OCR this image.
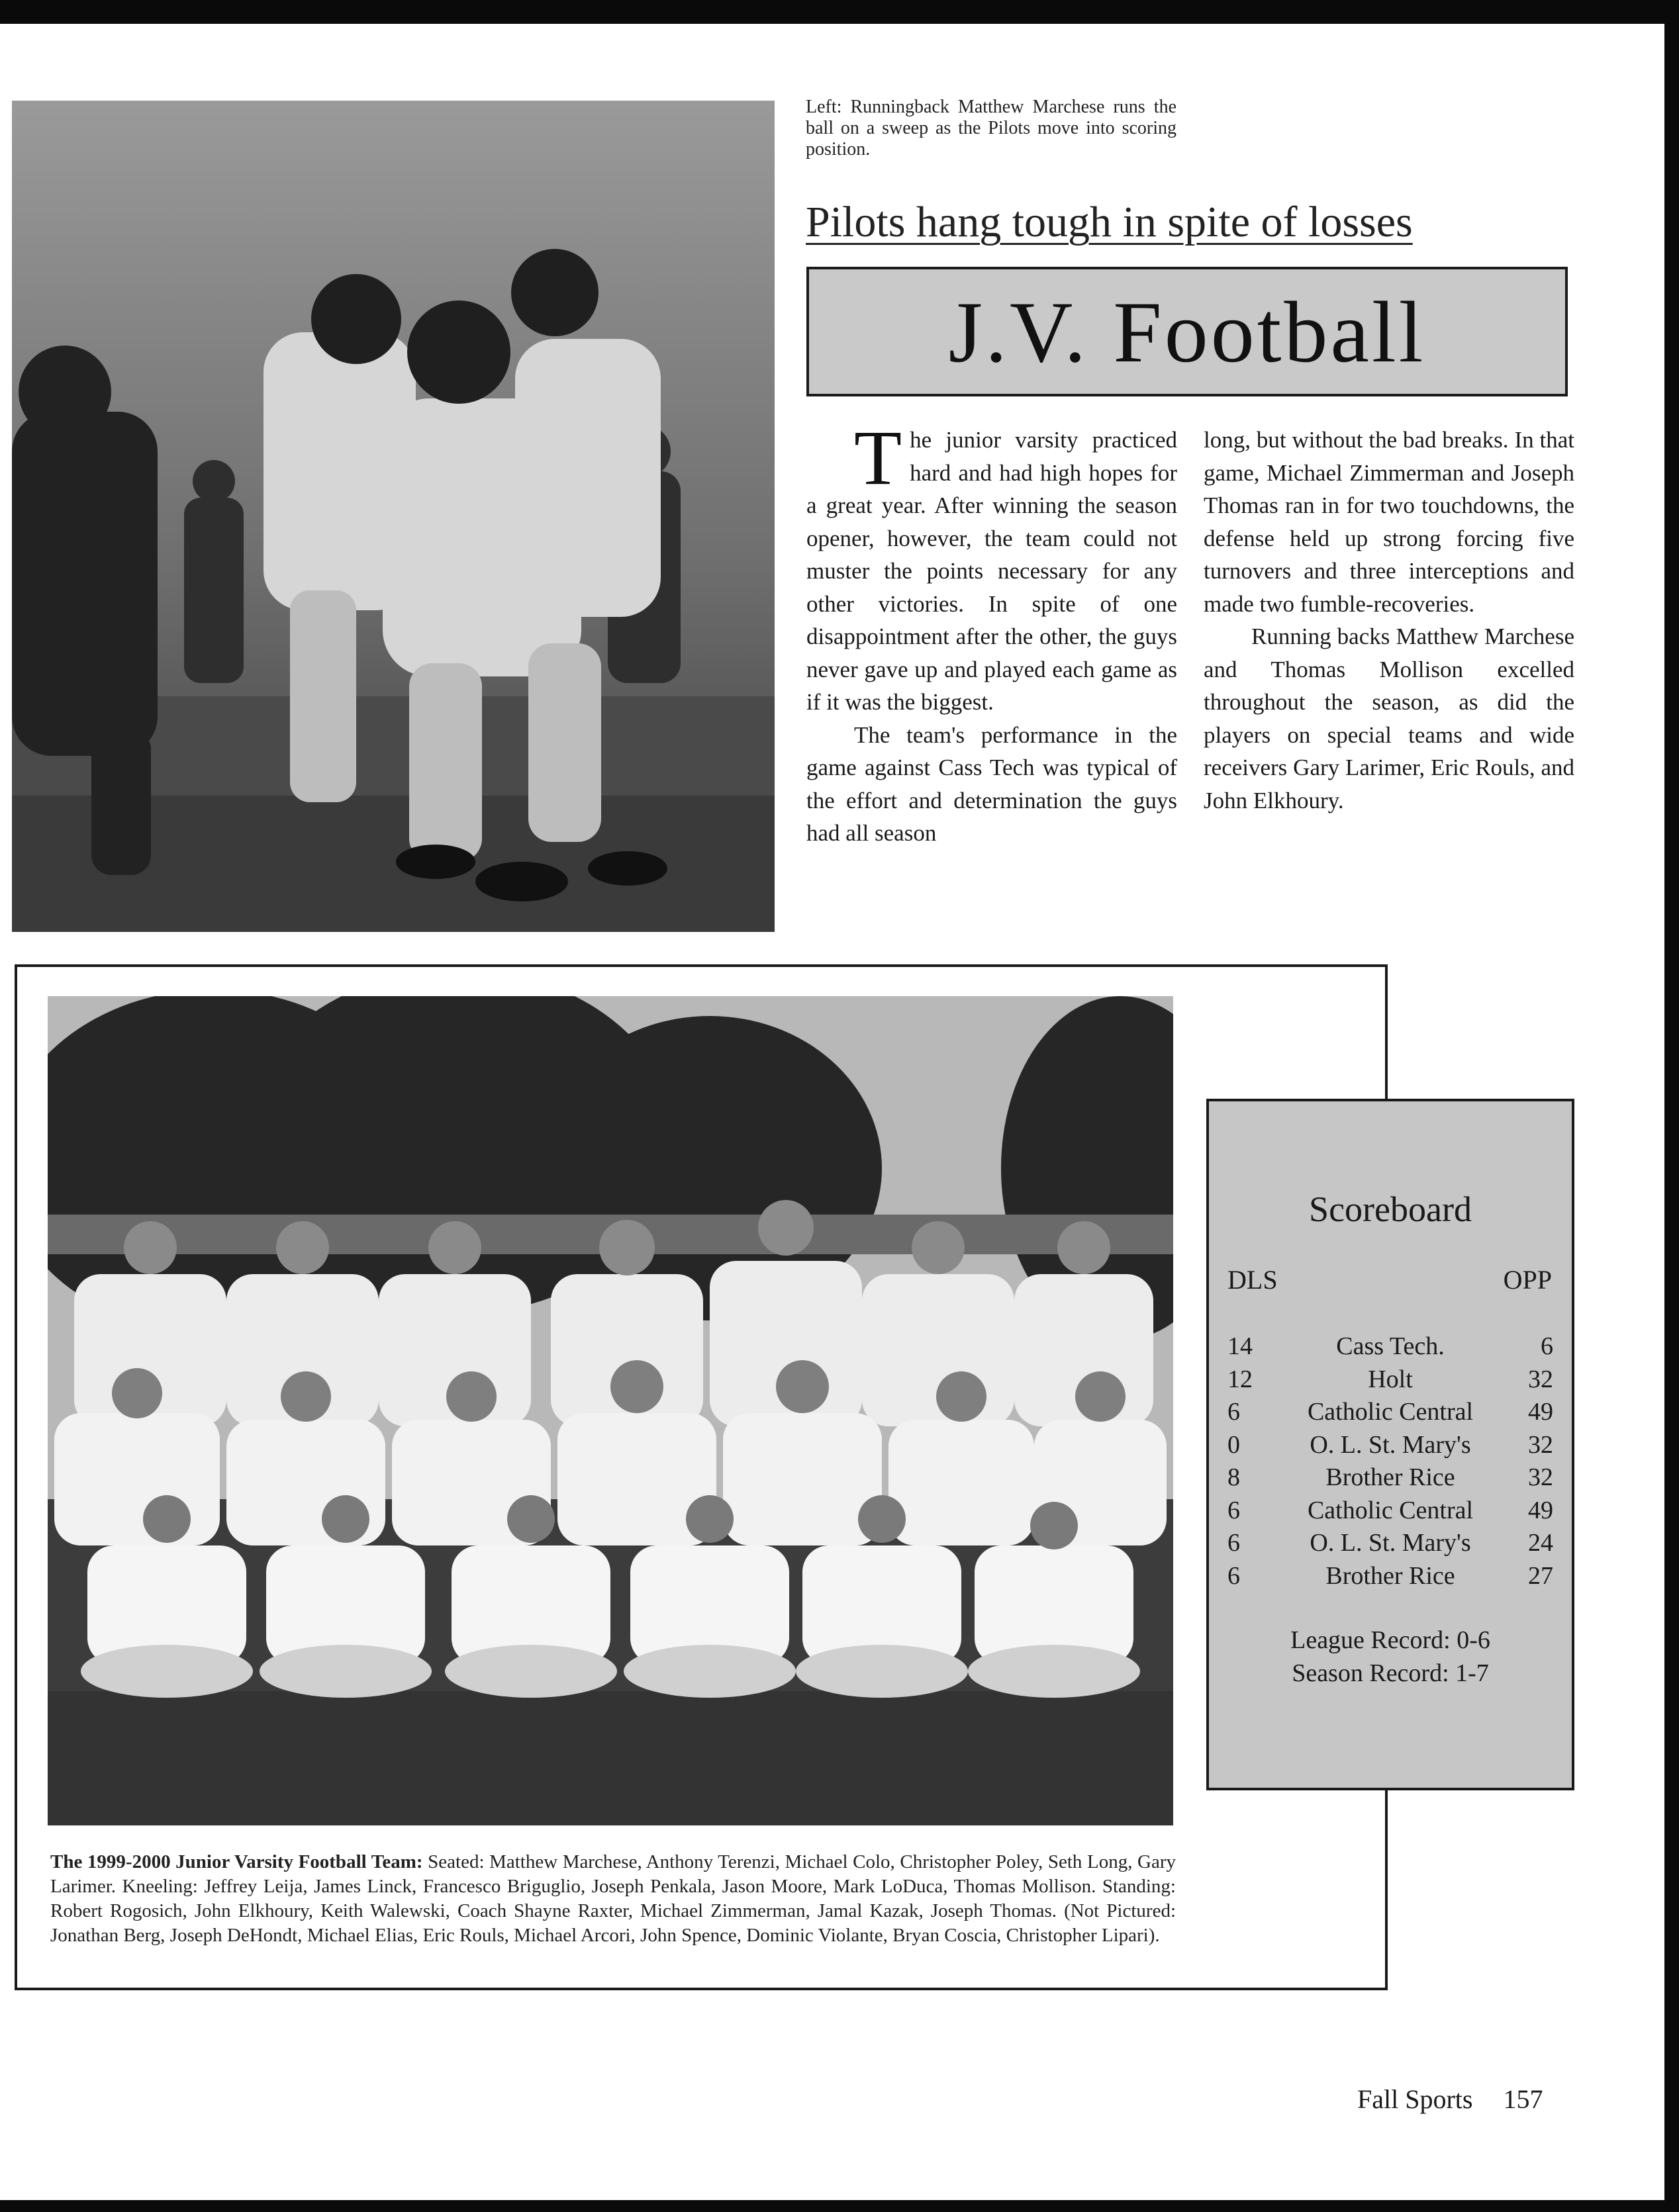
Left: Runningback Matthew Marchese runs the ball on a sweep as the Pilots move into scoring position.
Pilots hang tough in spite of losses
J.V. Football

The junior varsity practiced hard and had high hopes for a great year. After winning the season opener, however, the team could not muster the points necessary for any other victories. In spite of one disappointment after the other, the guys never gave up and played each game as if it was the biggest.

The team's performance in the game against Cass Tech was typical of the effort and determination the guys had all season

long, but without the bad breaks. In that game, Michael Zimmerman and Joseph Thomas ran in for two touchdowns, the defense held up strong forcing five turnovers and three interceptions and made two fumble-recoveries.

Running backs Matthew Marchese and Thomas Mollison excelled throughout the season, as did the players on special teams and wide receivers Gary Larimer, Eric Rouls, and John Elkhoury.

The 1999-2000 Junior Varsity Football Team: Seated: Matthew Marchese, Anthony Terenzi, Michael Colo, Christopher Poley, Seth Long, Gary Larimer. Kneeling: Jeffrey Leija, James Linck, Francesco Briguglio, Joseph Penkala, Jason Moore, Mark LoDuca, Thomas Mollison. Standing: Robert Rogosich, John Elkhoury, Keith Walewski, Coach Shayne Raxter, Michael Zimmerman, Jamal Kazak, Joseph Thomas. (Not Pictured: Jonathan Berg, Joseph DeHondt, Michael Elias, Eric Rouls, Michael Arcori, John Spence, Dominic Violante, Bryan Coscia, Christopher Lipari).
Scoreboard
DLS	OPP
14	Cass Tech.	6
12	Holt	32
6	Catholic Central	49
0	O. L. St. Mary's	32
8	Brother Rice	32
6	Catholic Central	49
6	O. L. St. Mary's	24
6	Brother Rice	27
League Record: 0-6
Season Record: 1-7
Fall Sports 157
